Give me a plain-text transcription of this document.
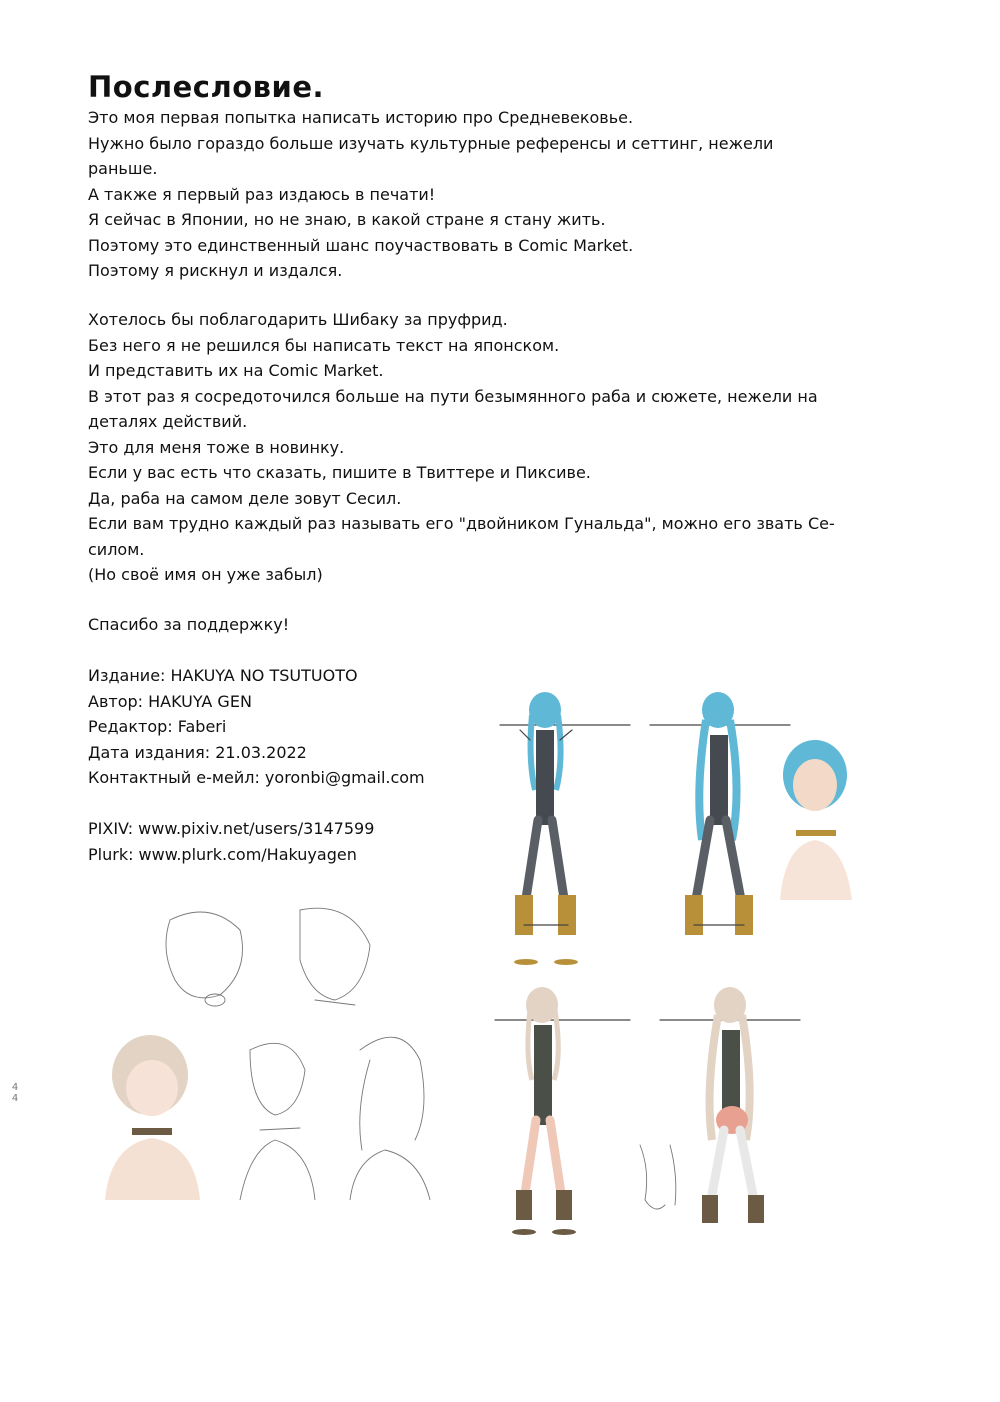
Послесловие.

Это моя первая попытка написать историю про Средневековье.

Нужно было гораздо больше изучать культурные референсы и сеттинг, нежели

раньше.

А также я первый раз издаюсь в печати!

Я сейчас в Японии, но не знаю, в какой стране я стану жить.

Поэтому это единственный шанс поучаствовать в Comic Market.

Поэтому я рискнул и издался.

Хотелось бы поблагодарить Шибаку за пруфрид.

Без него я не решился бы написать текст на японском.

И представить их на Comic Market.

В этот раз я сосредоточился больше на пути безымянного раба и сюжете, нежели на

деталях действий.

Это для меня тоже в новинку.

Если у вас есть что сказать, пишите в Твиттере и Пиксиве.

Да, раба на самом деле зовут Сесил.

Если вам трудно каждый раз называть его "двойником Гунальда", можно его звать Се-

силом.

(Но своё имя он уже забыл)

Спасибо за поддержку!

Издание: HAKUYA NO TSUTUOTO

Автор: HAKUYA GEN

Редактор: Faberi

Дата издания: 21.03.2022

Контактный е-мейл: yoronbi@gmail.com

PIXIV: www.pixiv.net/users/3147599

Plurk: www.plurk.com/Hakuyagen

4
4
